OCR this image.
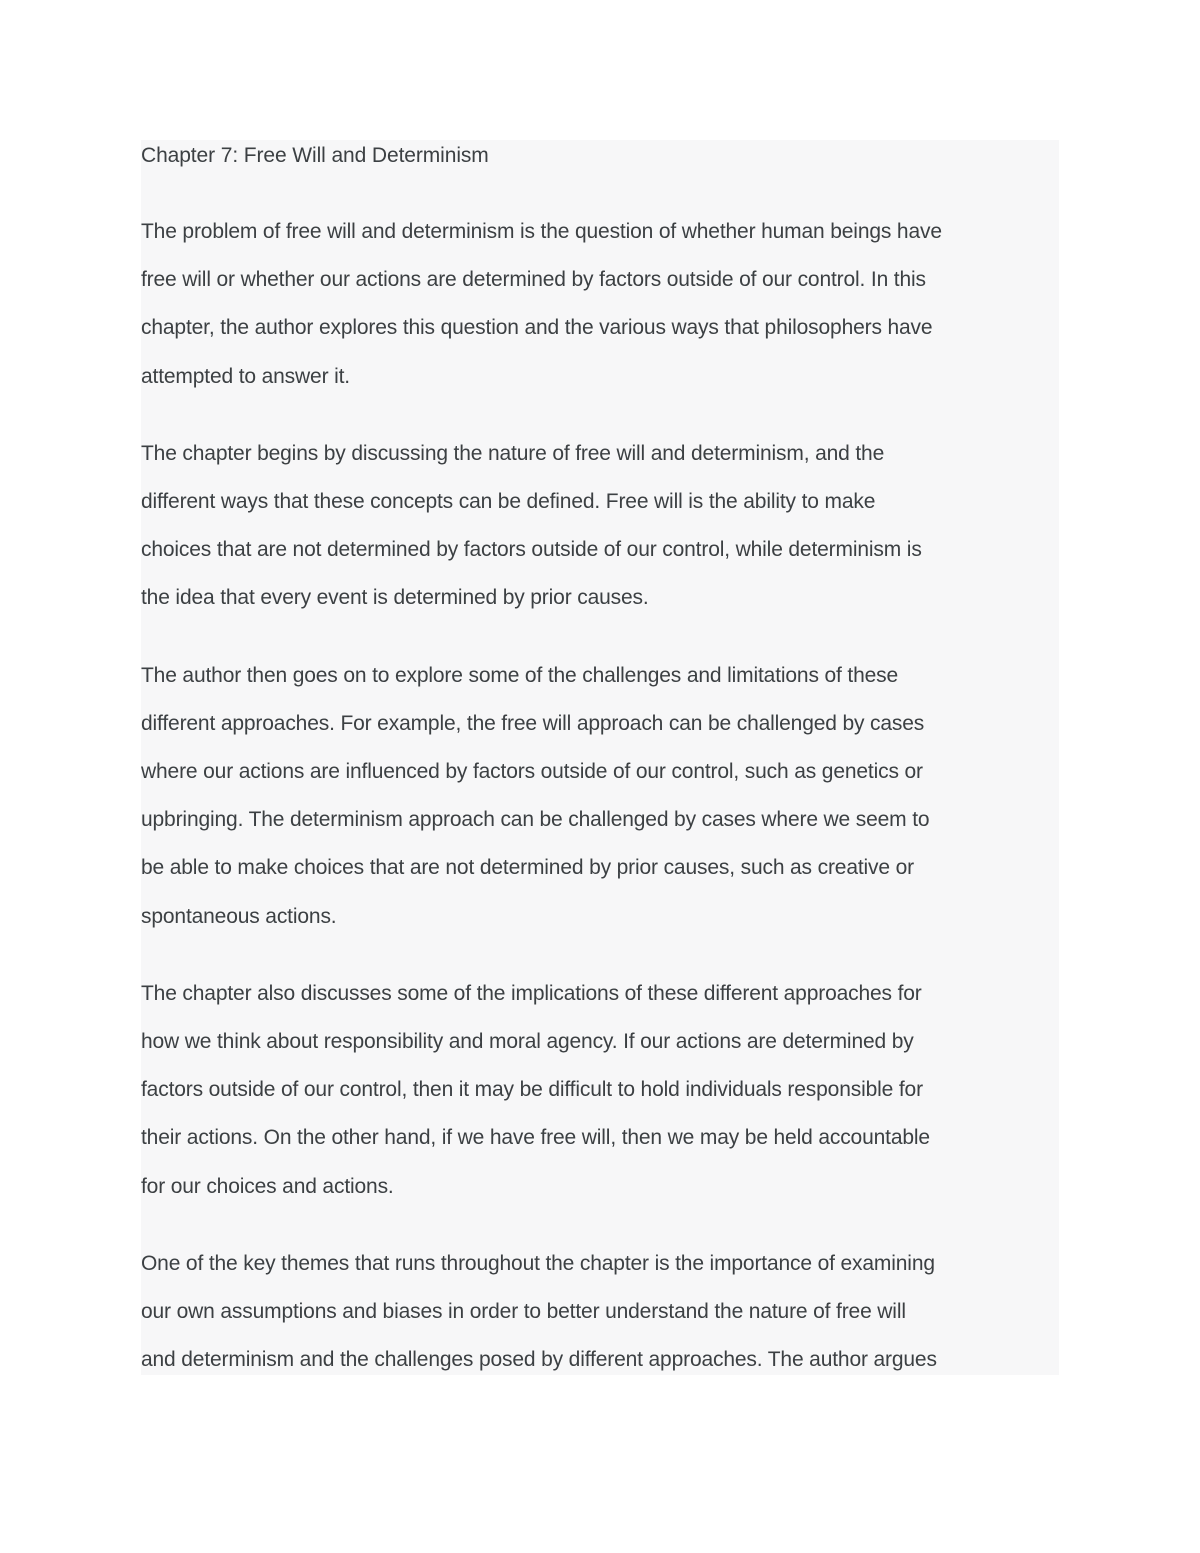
Chapter 7: Free Will and Determinism

The problem of free will and determinism is the question of whether human beings have
free will or whether our actions are determined by factors outside of our control. In this
chapter, the author explores this question and the various ways that philosophers have
attempted to answer it.

The chapter begins by discussing the nature of free will and determinism, and the
different ways that these concepts can be defined. Free will is the ability to make
choices that are not determined by factors outside of our control, while determinism is
the idea that every event is determined by prior causes.

The author then goes on to explore some of the challenges and limitations of these
different approaches. For example, the free will approach can be challenged by cases
where our actions are influenced by factors outside of our control, such as genetics or
upbringing. The determinism approach can be challenged by cases where we seem to
be able to make choices that are not determined by prior causes, such as creative or
spontaneous actions.

The chapter also discusses some of the implications of these different approaches for
how we think about responsibility and moral agency. If our actions are determined by
factors outside of our control, then it may be difficult to hold individuals responsible for
their actions. On the other hand, if we have free will, then we may be held accountable
for our choices and actions.

One of the key themes that runs throughout the chapter is the importance of examining
our own assumptions and biases in order to better understand the nature of free will
and determinism and the challenges posed by different approaches. The author argues
